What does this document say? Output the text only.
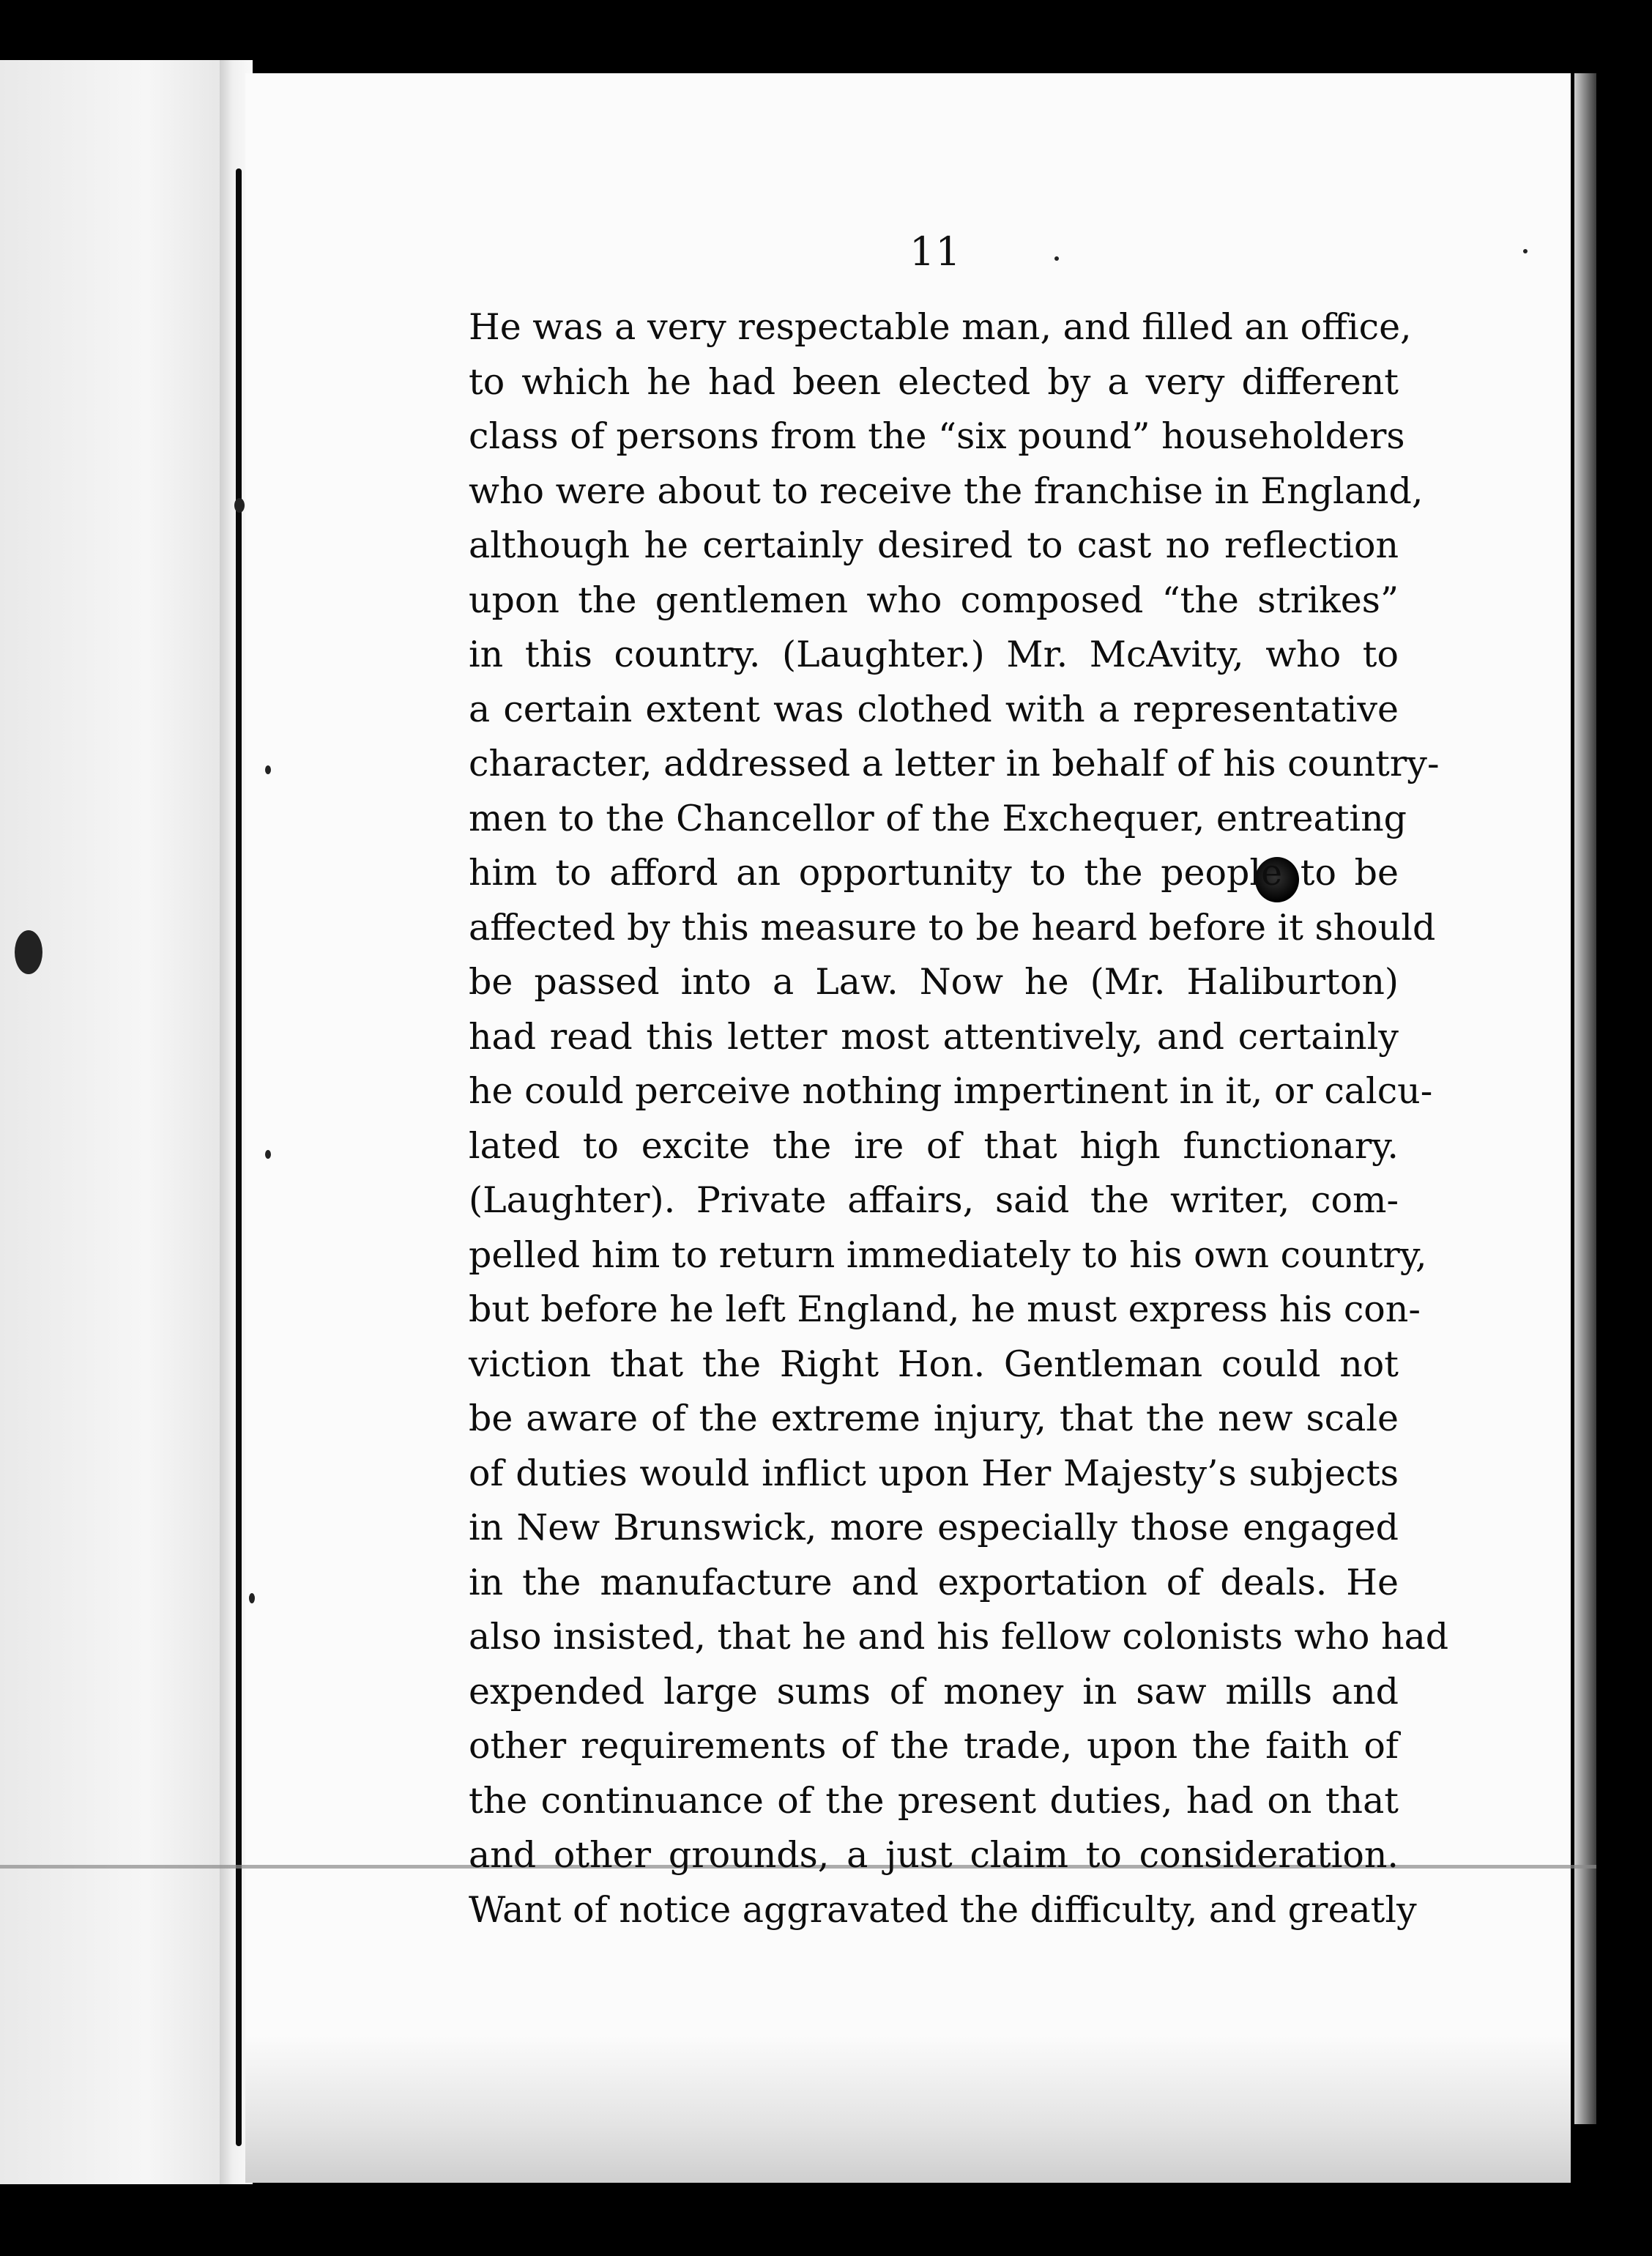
11
He was a very respectable man, and filled an office,
to which he had been elected by a very different
class of persons from the “six pound” householders
who were about to receive the franchise in England,
although he certainly desired to cast no reflection
upon the gentlemen who composed “the strikes”
in this country. (Laughter.) Mr. McAvity, who to
a certain extent was clothed with a representative
character, addressed a letter in behalf of his country-
men to the Chancellor of the Exchequer, entreating
him to afford an opportunity to the people to be
affected by this measure to be heard before it should
be passed into a Law. Now he (Mr. Haliburton)
had read this letter most attentively, and certainly
he could perceive nothing impertinent in it, or calcu-
lated to excite the ire of that high functionary.
(Laughter). Private affairs, said the writer, com-
pelled him to return immediately to his own country,
but before he left England, he must express his con-
viction that the Right Hon. Gentleman could not
be aware of the extreme injury, that the new scale
of duties would inflict upon Her Majesty’s subjects
in New Brunswick, more especially those engaged
in the manufacture and exportation of deals. He
also insisted, that he and his fellow colonists who had
expended large sums of money in saw mills and
other requirements of the trade, upon the faith of
the continuance of the present duties, had on that
and other grounds, a just claim to consideration.
Want of notice aggravated the difficulty, and greatly
